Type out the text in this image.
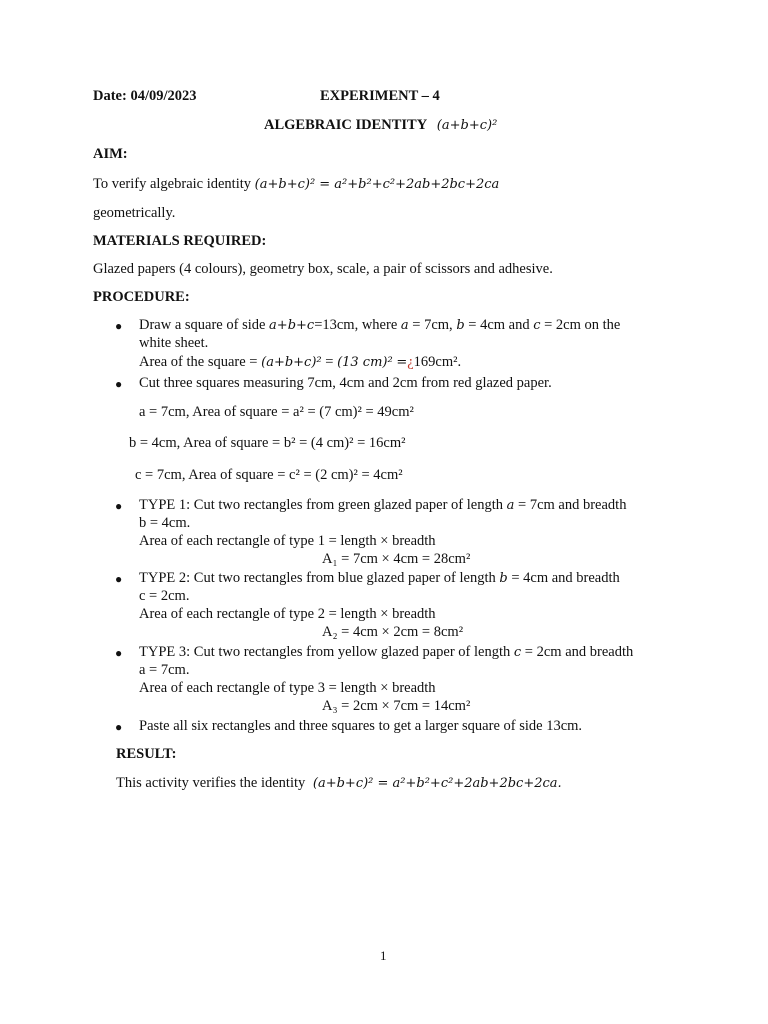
Date: 04/09/2023	EXPERIMENT – 4
ALGEBRAIC IDENTITY (a+b+c)²
AIM:
To verify algebraic identity (a+b+c)² = a²+b²+c²+2ab+2bc+2ca
geometrically.
MATERIALS REQUIRED:
Glazed papers (4 colours), geometry box, scale, a pair of scissors and adhesive.
PROCEDURE:
● Draw a square of side a+b+c=13cm, where a = 7cm, b = 4cm and c = 2cm on the
white sheet.
Area of the square = (a+b+c)² = (13 cm)² =¿169cm².
● Cut three squares measuring 7cm, 4cm and 2cm from red glazed paper.
a = 7cm, Area of square = a² = (7 cm)² = 49cm²
b = 4cm, Area of square = b² = (4 cm)² = 16cm²
c = 7cm, Area of square = c² = (2 cm)² = 4cm²
● TYPE 1: Cut two rectangles from green glazed paper of length a = 7cm and breadth
b = 4cm.
Area of each rectangle of type 1 = length × breadth
A₁ = 7cm × 4cm = 28cm²
● TYPE 2: Cut two rectangles from blue glazed paper of length b = 4cm and breadth
c = 2cm.
Area of each rectangle of type 2 = length × breadth
A₂ = 4cm × 2cm = 8cm²
● TYPE 3: Cut two rectangles from yellow glazed paper of length c = 2cm and breadth
a = 7cm.
Area of each rectangle of type 3 = length × breadth
A₃ = 2cm × 7cm = 14cm²
● Paste all six rectangles and three squares to get a larger square of side 13cm.
RESULT:
This activity verifies the identity (a+b+c)² = a²+b²+c²+2ab+2bc+2ca.
1
